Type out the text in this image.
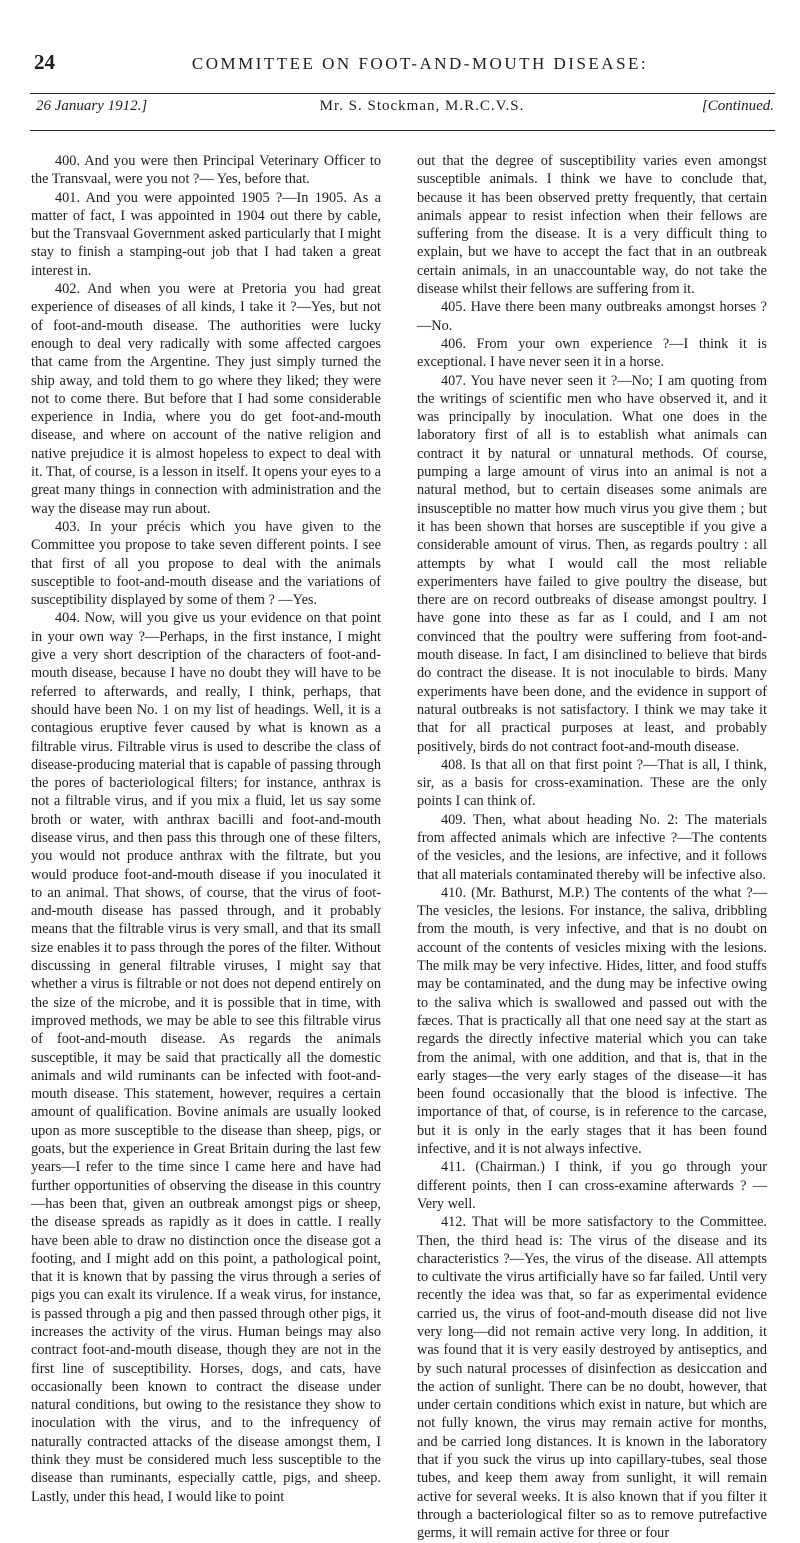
24	COMMITTEE ON FOOT-AND-MOUTH DISEASE:
26 January 1912.]	Mr. S. Stockman, M.R.C.V.S.	[Continued.

400. And you were then Principal Veterinary Officer to the Transvaal, were you not ?— Yes, before that.

401. And you were appointed 1905 ?—In 1905. As a matter of fact, I was appointed in 1904 out there by cable, but the Transvaal Government asked particularly that I might stay to finish a stamping-out job that I had taken a great interest in.

402. And when you were at Pretoria you had great experience of diseases of all kinds, I take it ?—Yes, but not of foot-and-mouth disease. The authorities were lucky enough to deal very radically with some affected cargoes that came from the Argentine. They just simply turned the ship away, and told them to go where they liked; they were not to come there. But before that I had some considerable experience in India, where you do get foot-and-mouth disease, and where on account of the native religion and native prejudice it is almost hopeless to expect to deal with it. That, of course, is a lesson in itself. It opens your eyes to a great many things in connection with administration and the way the disease may run about.

403. In your précis which you have given to the Committee you propose to take seven different points. I see that first of all you propose to deal with the animals susceptible to foot-and-mouth disease and the variations of susceptibility displayed by some of them ? —Yes.

404. Now, will you give us your evidence on that point in your own way ?—Perhaps, in the first instance, I might give a very short description of the characters of foot-and-mouth disease, because I have no doubt they will have to be referred to afterwards, and really, I think, perhaps, that should have been No. 1 on my list of headings. Well, it is a contagious eruptive fever caused by what is known as a filtrable virus. Filtrable virus is used to describe the class of disease-producing material that is capable of passing through the pores of bacteriological filters; for instance, anthrax is not a filtrable virus, and if you mix a fluid, let us say some broth or water, with anthrax bacilli and foot-and-mouth disease virus, and then pass this through one of these filters, you would not produce anthrax with the filtrate, but you would produce foot-and-mouth disease if you inoculated it to an animal. That shows, of course, that the virus of foot-and-mouth disease has passed through, and it probably means that the filtrable virus is very small, and that its small size enables it to pass through the pores of the filter. Without discussing in general filtrable viruses, I might say that whether a virus is filtrable or not does not depend entirely on the size of the microbe, and it is possible that in time, with improved methods, we may be able to see this filtrable virus of foot-and-mouth disease. As regards the animals susceptible, it may be said that practically all the domestic animals and wild ruminants can be infected with foot-and-mouth disease. This statement, however, requires a certain amount of qualification. Bovine animals are usually looked upon as more susceptible to the disease than sheep, pigs, or goats, but the experience in Great Britain during the last few years—I refer to the time since I came here and have had further opportunities of observing the disease in this country—has been that, given an outbreak amongst pigs or sheep, the disease spreads as rapidly as it does in cattle. I really have been able to draw no distinction once the disease got a footing, and I might add on this point, a pathological point, that it is known that by passing the virus through a series of pigs you can exalt its virulence. If a weak virus, for instance, is passed through a pig and then passed through other pigs, it increases the activity of the virus. Human beings may also contract foot-and-mouth disease, though they are not in the first line of susceptibility. Horses, dogs, and cats, have occasionally been known to contract the disease under natural conditions, but owing to the resistance they show to inoculation with the virus, and to the infrequency of naturally contracted attacks of the disease amongst them, I think they must be considered much less susceptible to the disease than ruminants, especially cattle, pigs, and sheep. Lastly, under this head, I would like to point

out that the degree of susceptibility varies even amongst susceptible animals. I think we have to conclude that, because it has been observed pretty frequently, that certain animals appear to resist infection when their fellows are suffering from the disease. It is a very difficult thing to explain, but we have to accept the fact that in an outbreak certain animals, in an unaccountable way, do not take the disease whilst their fellows are suffering from it.

405. Have there been many outbreaks amongst horses ?—No.

406. From your own experience ?—I think it is exceptional. I have never seen it in a horse.

407. You have never seen it ?—No; I am quoting from the writings of scientific men who have observed it, and it was principally by inoculation. What one does in the laboratory first of all is to establish what animals can contract it by natural or unnatural methods. Of course, pumping a large amount of virus into an animal is not a natural method, but to certain diseases some animals are insusceptible no matter how much virus you give them ; but it has been shown that horses are susceptible if you give a considerable amount of virus. Then, as regards poultry : all attempts by what I would call the most reliable experimenters have failed to give poultry the disease, but there are on record outbreaks of disease amongst poultry. I have gone into these as far as I could, and I am not convinced that the poultry were suffering from foot-and-mouth disease. In fact, I am disinclined to believe that birds do contract the disease. It is not inoculable to birds. Many experiments have been done, and the evidence in support of natural outbreaks is not satisfactory. I think we may take it that for all practical purposes at least, and probably positively, birds do not contract foot-and-mouth disease.

408. Is that all on that first point ?—That is all, I think, sir, as a basis for cross-examination. These are the only points I can think of.

409. Then, what about heading No. 2: The materials from affected animals which are infective ?—The contents of the vesicles, and the lesions, are infective, and it follows that all materials contaminated thereby will be infective also.

410. (Mr. Bathurst, M.P.) The contents of the what ?—The vesicles, the lesions. For instance, the saliva, dribbling from the mouth, is very infective, and that is no doubt on account of the contents of vesicles mixing with the lesions. The milk may be very infective. Hides, litter, and food stuffs may be contaminated, and the dung may be infective owing to the saliva which is swallowed and passed out with the fæces. That is practically all that one need say at the start as regards the directly infective material which you can take from the animal, with one addition, and that is, that in the early stages—the very early stages of the disease—it has been found occasionally that the blood is infective. The importance of that, of course, is in reference to the carcase, but it is only in the early stages that it has been found infective, and it is not always infective.

411. (Chairman.) I think, if you go through your different points, then I can cross-examine afterwards ? —Very well.

412. That will be more satisfactory to the Committee. Then, the third head is: The virus of the disease and its characteristics ?—Yes, the virus of the disease. All attempts to cultivate the virus artificially have so far failed. Until very recently the idea was that, so far as experimental evidence carried us, the virus of foot-and-mouth disease did not live very long—did not remain active very long. In addition, it was found that it is very easily destroyed by antiseptics, and by such natural processes of disinfection as desiccation and the action of sunlight. There can be no doubt, however, that under certain conditions which exist in nature, but which are not fully known, the virus may remain active for months, and be carried long distances. It is known in the laboratory that if you suck the virus up into capillary-tubes, seal those tubes, and keep them away from sunlight, it will remain active for several weeks. It is also known that if you filter it through a bacteriological filter so as to remove putrefactive germs, it will remain active for three or four
